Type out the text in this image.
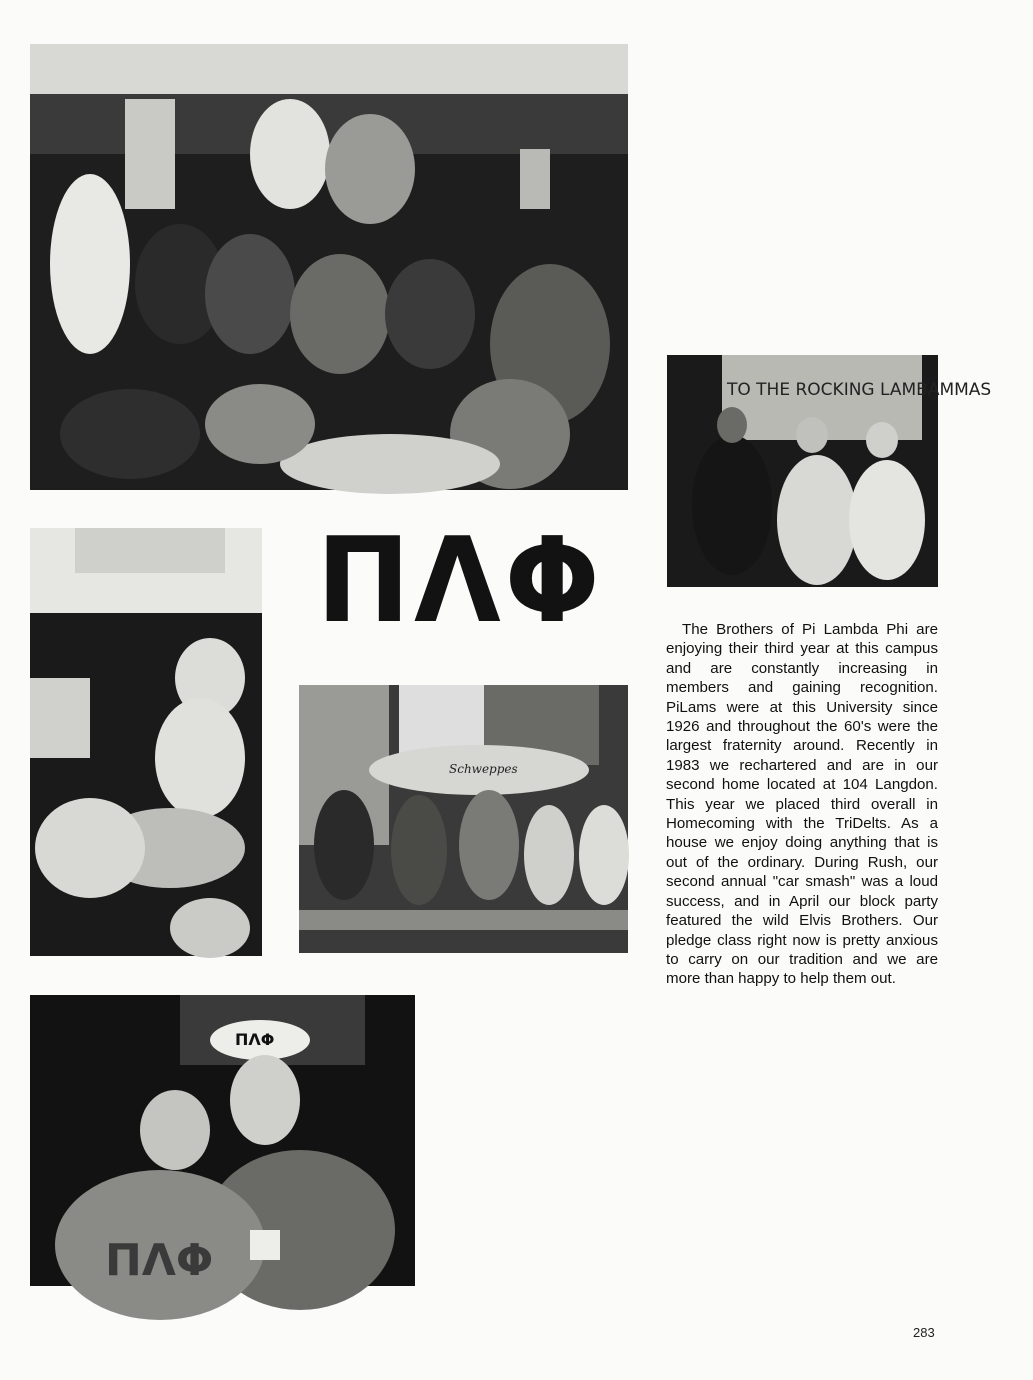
TO THE ROCKING LAMBAMMAS
ΠΛΦ
Schweppes
ΠΛΦ
ΠΛΦ
The Brothers of Pi Lambda Phi are enjoying their third year at this campus and are constantly increasing in members and gaining recognition. PiLams were at this University since 1926 and throughout the 60's were the largest fraternity around. Recently in 1983 we rechartered and are in our second home located at 104 Langdon. This year we placed third overall in Homecoming with the TriDelts. As a house we enjoy doing anything that is out of the ordinary. During Rush, our second annual "car smash" was a loud success, and in April our block party featured the wild Elvis Brothers. Our pledge class right now is pretty anxious to carry on our tradition and we are more than happy to help them out.
283
